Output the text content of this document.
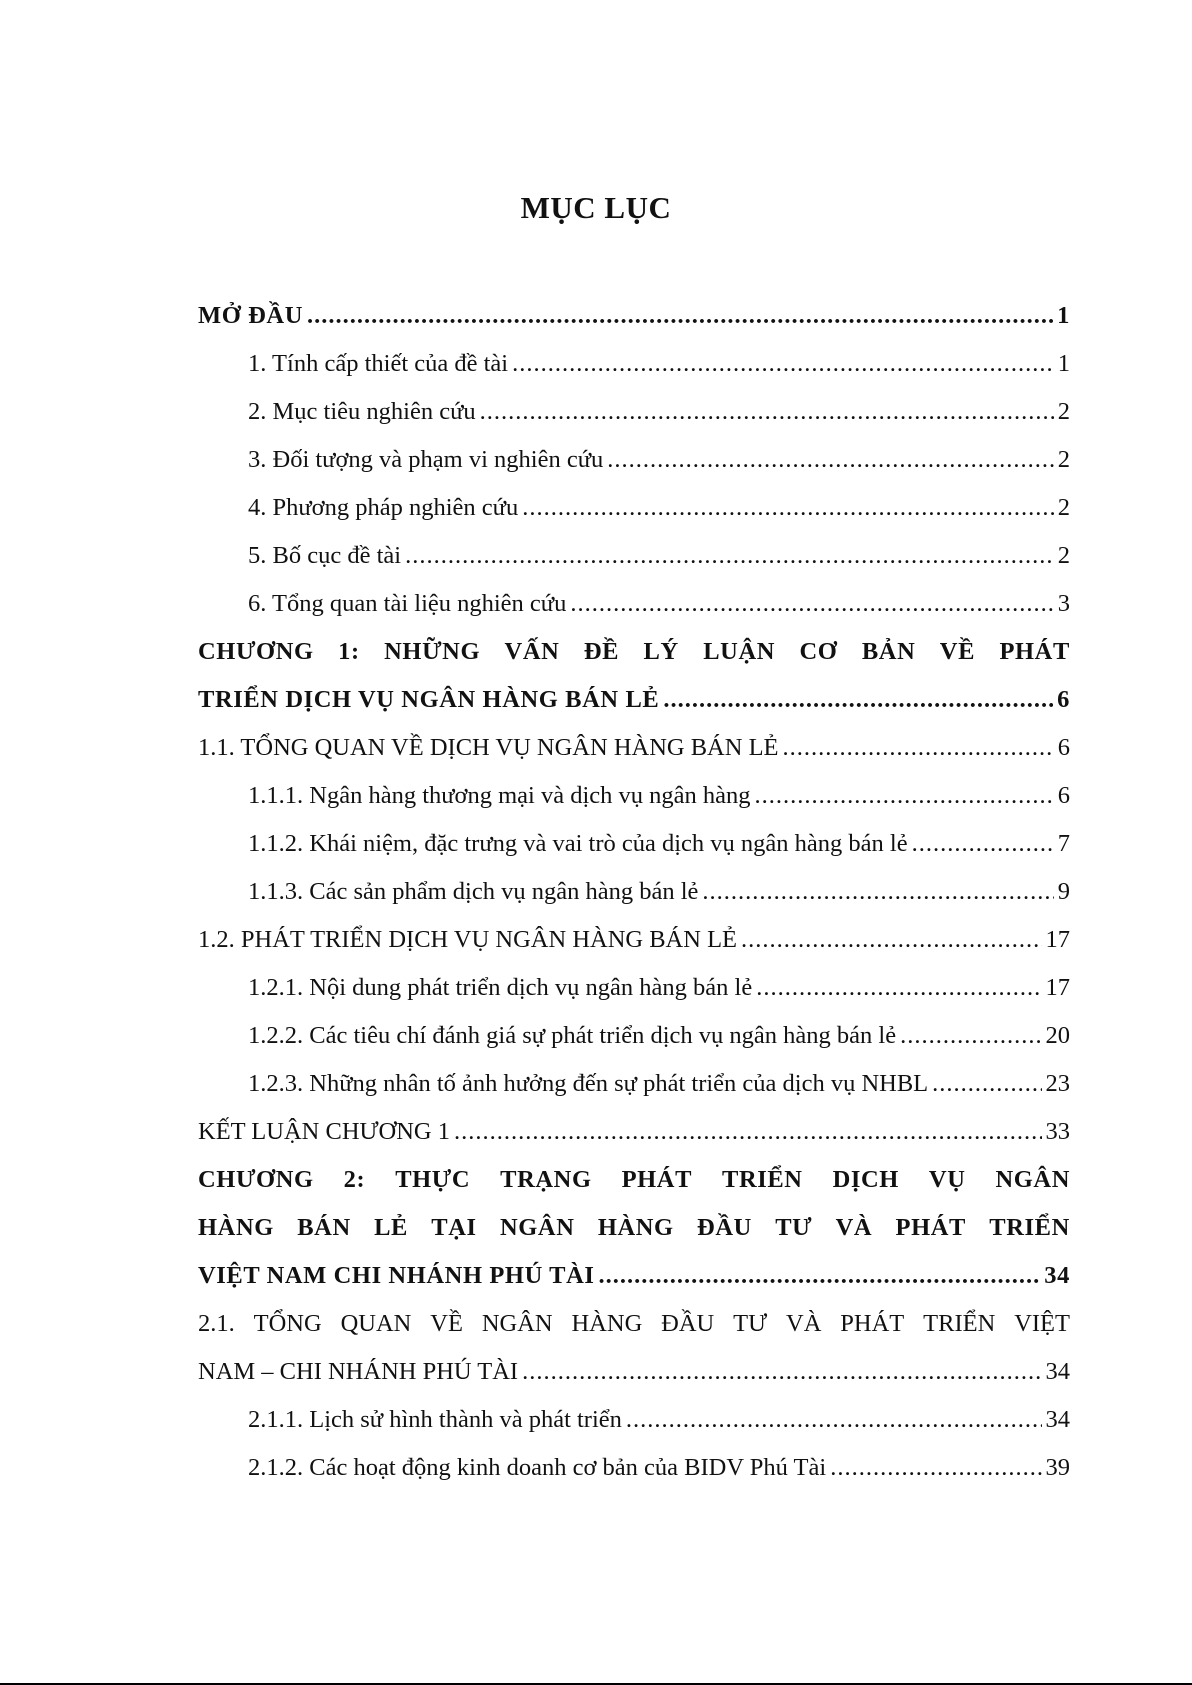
MỤC LỤC
MỞ ĐẦU .....	1
1. Tính cấp thiết của đề tài .....	1
2. Mục tiêu nghiên cứu .....	2
3. Đối tượng và phạm vi nghiên cứu .....	2
4. Phương pháp nghiên cứu .....	2
5. Bố cục đề tài .....	2
6. Tổng quan tài liệu nghiên cứu .....	3
CHƯƠNG 1: NHỮNG VẤN ĐỀ LÝ LUẬN CƠ BẢN VỀ PHÁT
TRIỂN DỊCH VỤ NGÂN HÀNG BÁN LẺ .....	6
1.1. TỔNG QUAN VỀ DỊCH VỤ NGÂN HÀNG BÁN LẺ .....	6
1.1.1. Ngân hàng thương mại và dịch vụ ngân hàng .....	6
1.1.2. Khái niệm, đặc trưng và vai trò của dịch vụ ngân hàng bán lẻ .....	7
1.1.3. Các sản phẩm dịch vụ ngân hàng bán lẻ .....	9
1.2. PHÁT TRIỂN DỊCH VỤ NGÂN HÀNG BÁN LẺ .....	17
1.2.1. Nội dung phát triển dịch vụ ngân hàng bán lẻ .....	17
1.2.2. Các tiêu chí đánh giá sự phát triển dịch vụ ngân hàng bán lẻ .....	20
1.2.3. Những nhân tố ảnh hưởng đến sự phát triển của dịch vụ NHBL .....	23
KẾT LUẬN CHƯƠNG 1 .....	33
CHƯƠNG 2: THỰC TRẠNG PHÁT TRIỂN DỊCH VỤ NGÂN
HÀNG BÁN LẺ TẠI NGÂN HÀNG ĐẦU TƯ VÀ PHÁT TRIỂN
VIỆT NAM CHI NHÁNH PHÚ TÀI .....	34
2.1. TỔNG QUAN VỀ NGÂN HÀNG ĐẦU TƯ VÀ PHÁT TRIỂN VIỆT
NAM – CHI NHÁNH PHÚ TÀI .....	34
2.1.1. Lịch sử hình thành và phát triển .....	34
2.1.2. Các hoạt động kinh doanh cơ bản của BIDV Phú Tài .....	39
